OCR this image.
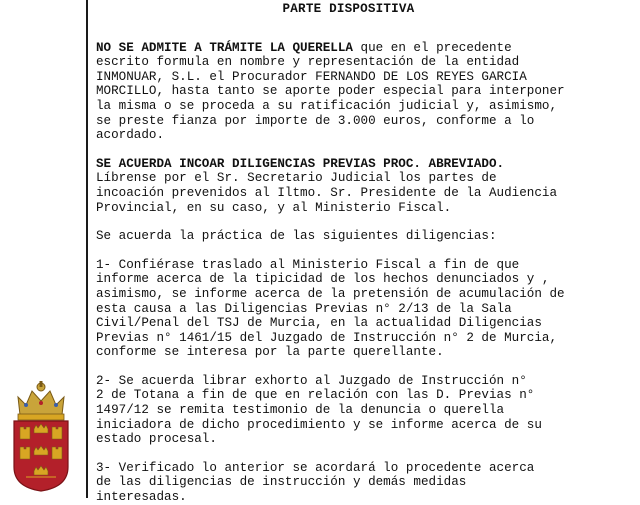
PARTE DISPOSITIVA

NO SE ADMITE A TRÁMITE LA QUERELLA que en el precedente
escrito formula en nombre y representación de la entidad
INMONUAR, S.L. el Procurador FERNANDO DE LOS REYES GARCIA
MORCILLO, hasta tanto se aporte poder especial para interponer
la misma o se proceda a su ratificación judicial y, asimismo,
se preste fianza por importe de 3.000 euros, conforme a lo
acordado.

SE ACUERDA INCOAR DILIGENCIAS PREVIAS PROC. ABREVIADO.
Líbrense por el Sr. Secretario Judicial los partes de
incoación prevenidos al Iltmo. Sr. Presidente de la Audiencia
Provincial, en su caso, y al Ministerio Fiscal.

Se acuerda la práctica de las siguientes diligencias:

1- Confiérase traslado al Ministerio Fiscal a fin de que
informe acerca de la tipicidad de los hechos denunciados y ,
asimismo, se informe acerca de la pretensión de acumulación de
esta causa a las Diligencias Previas n° 2/13 de la Sala
Civil/Penal del TSJ de Murcia, en la actualidad Diligencias
Previas n° 1461/15 del Juzgado de Instrucción n° 2 de Murcia,
conforme se interesa por la parte querellante.

2- Se acuerda librar exhorto al Juzgado de Instrucción n°
2 de Totana a fin de que en relación con las D. Previas n°
1497/12 se remita testimonio de la denuncia o querella
iniciadora de dicho procedimiento y se informe acerca de su
estado procesal.

3- Verificado lo anterior se acordará lo procedente acerca
de las diligencias de instrucción y demás medidas
interesadas.
